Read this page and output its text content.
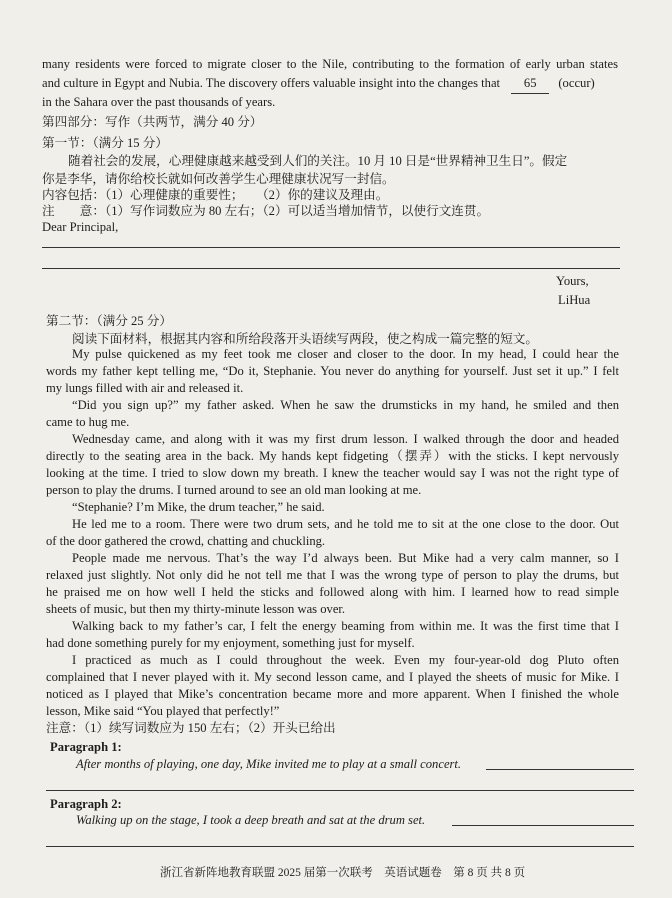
many residents were forced to migrate closer to the Nile, contributing to the formation of early urban states
and culture in Egypt and Nubia. The discovery offers valuable insight into the changes that 65 (occur)
in the Sahara over the past thousands of years.
第四部分：写作（共两节，满分 40 分）
第一节：（满分 15 分）
随着社会的发展，心理健康越来越受到人们的关注。10 月 10 日是“世界精神卫生日”。假定
你是李华，请你给校长就如何改善学生心理健康状况写一封信。
内容包括：（1）心理健康的重要性；　　（2）你的建议及理由。
注　　意：（1）写作词数应为 80 左右；（2）可以适当增加情节，以使行文连贯。
Dear Principal,
Yours,
LiHua
第二节：（满分 25 分）
阅读下面材料，根据其内容和所给段落开头语续写两段，使之构成一篇完整的短文。
My pulse quickened as my feet took me closer and closer to the door. In my head, I could hear the
words my father kept telling me, “Do it, Stephanie. You never do anything for yourself. Just set it up.” I felt
my lungs filled with air and released it.
“Did you sign up?” my father asked. When he saw the drumsticks in my hand, he smiled and then
came to hug me.
Wednesday came, and along with it was my first drum lesson. I walked through the door and headed
directly to the seating area in the back. My hands kept fidgeting（摆弄）with the sticks. I kept nervously
looking at the time. I tried to slow down my breath. I knew the teacher would say I was not the right type of
person to play the drums. I turned around to see an old man looking at me.
“Stephanie? I’m Mike, the drum teacher,” he said.
He led me to a room. There were two drum sets, and he told me to sit at the one close to the door. Out
of the door gathered the crowd, chatting and chuckling.
People made me nervous. That’s the way I’d always been. But Mike had a very calm manner, so I
relaxed just slightly. Not only did he not tell me that I was the wrong type of person to play the drums, but
he praised me on how well I held the sticks and followed along with him. I learned how to read simple
sheets of music, but then my thirty-minute lesson was over.
Walking back to my father’s car, I felt the energy beaming from within me. It was the first time that I
had done something purely for my enjoyment, something just for myself.
I practiced as much as I could throughout the week. Even my four-year-old dog Pluto often
complained that I never played with it. My second lesson came, and I played the sheets of music for Mike. I
noticed as I played that Mike’s concentration became more and more apparent. When I finished the whole
lesson, Mike said “You played that perfectly!”
注意：（1）续写词数应为 150 左右；（2）开头已给出
Paragraph 1:
After months of playing, one day, Mike invited me to play at a small concert.
Paragraph 2:
Walking up on the stage, I took a deep breath and sat at the drum set.
浙江省新阵地教育联盟 2025 届第一次联考　英语试题卷　第 8 页 共 8 页
